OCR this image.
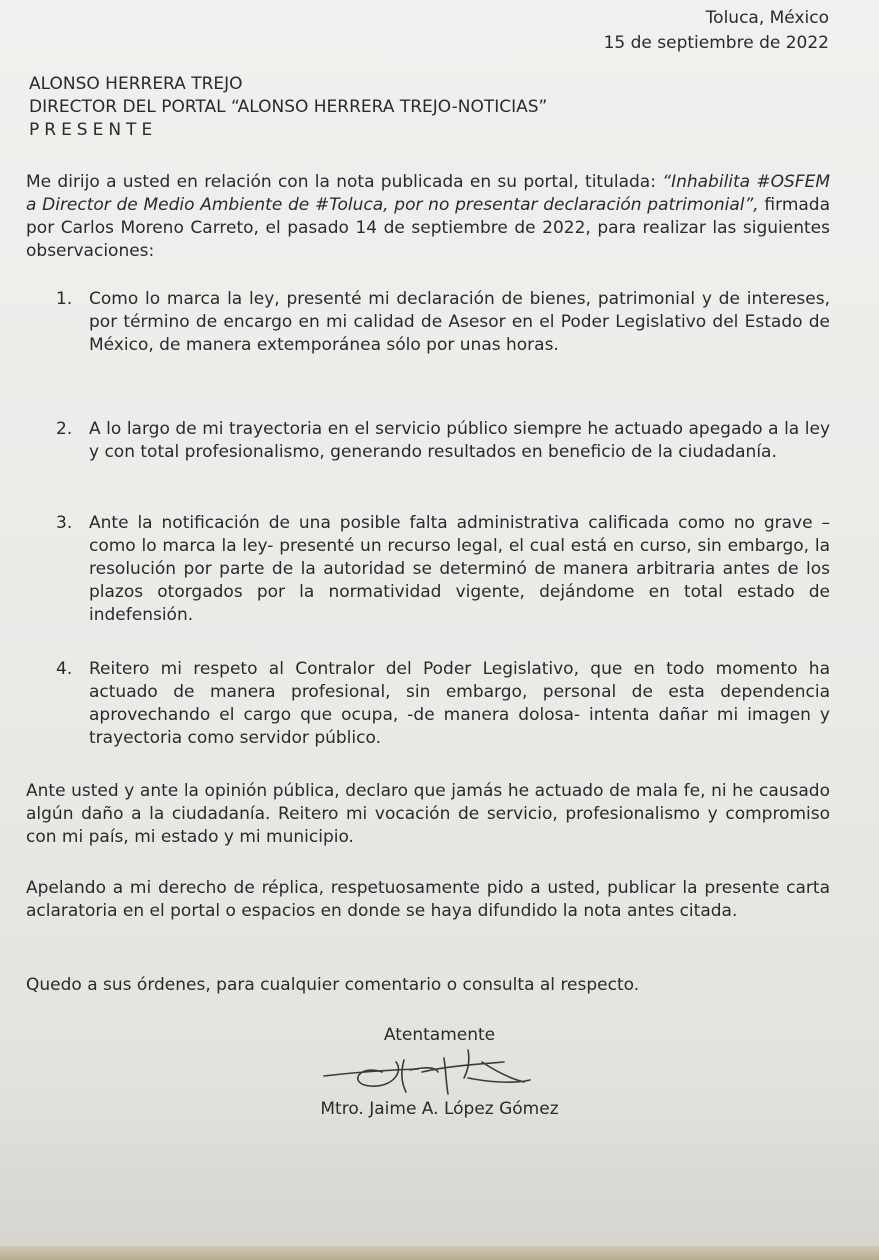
Toluca, México
15 de septiembre de 2022
ALONSO HERRERA TREJO
DIRECTOR DEL PORTAL “ALONSO HERRERA TREJO-NOTICIAS”
PRESENTE

Me dirijo a usted en relación con la nota publicada en su portal, titulada: “Inhabilita #OSFEM a Director de Medio Ambiente de #Toluca, por no presentar declaración patrimonial”, firmada por Carlos Moreno Carreto, el pasado 14 de septiembre de 2022, para realizar las siguientes observaciones:

1. Como lo marca la ley, presenté mi declaración de bienes, patrimonial y de intereses, por término de encargo en mi calidad de Asesor en el Poder Legislativo del Estado de México, de manera extemporánea sólo por unas horas.
2. A lo largo de mi trayectoria en el servicio público siempre he actuado apegado a la ley y con total profesionalismo, generando resultados en beneficio de la ciudadanía.
3. Ante la notificación de una posible falta administrativa calificada como no grave –como lo marca la ley- presenté un recurso legal, el cual está en curso, sin embargo, la resolución por parte de la autoridad se determinó de manera arbitraria antes de los plazos otorgados por la normatividad vigente, dejándome en total estado de indefensión.
4. Reitero mi respeto al Contralor del Poder Legislativo, que en todo momento ha actuado de manera profesional, sin embargo, personal de esta dependencia aprovechando el cargo que ocupa, -de manera dolosa- intenta dañar mi imagen y trayectoria como servidor público.

Ante usted y ante la opinión pública, declaro que jamás he actuado de mala fe, ni he causado algún daño a la ciudadanía. Reitero mi vocación de servicio, profesionalismo y compromiso con mi país, mi estado y mi municipio.

Apelando a mi derecho de réplica, respetuosamente pido a usted, publicar la presente carta aclaratoria en el portal o espacios en donde se haya difundido la nota antes citada.

Quedo a sus órdenes, para cualquier comentario o consulta al respecto.

Atentamente
Mtro. Jaime A. López Gómez
